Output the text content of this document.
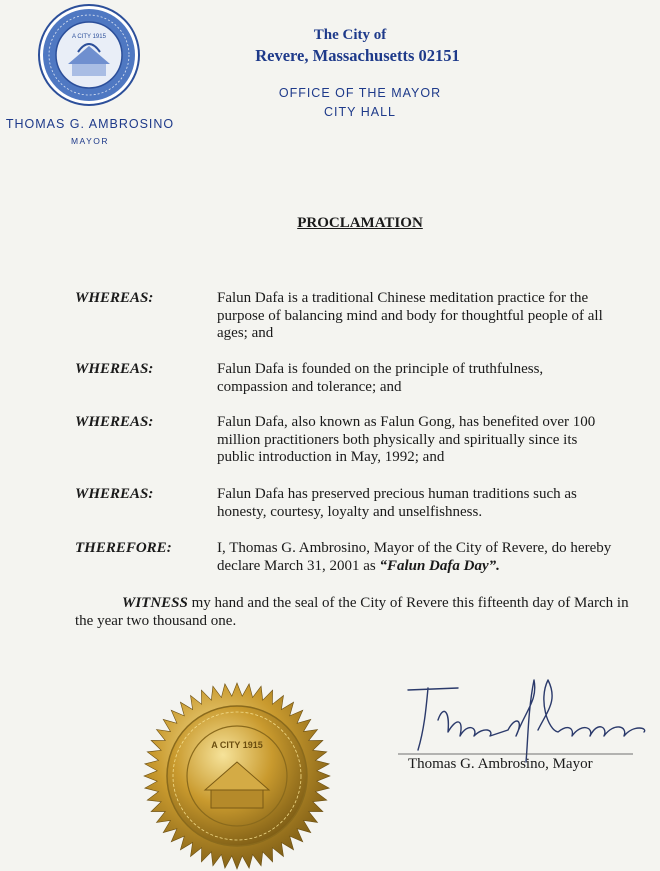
A CITY 1915
THOMAS G. AMBROSINO
MAYOR
The City of
Revere, Massachusetts 02151
OFFICE OF THE MAYOR
CITY HALL
PROCLAMATION
WHEREAS:	Falun Dafa is a traditional Chinese meditation practice for the purpose of balancing mind and body for thoughtful people of all ages; and
WHEREAS:	Falun Dafa is founded on the principle of truthfulness, compassion and tolerance; and
WHEREAS:	Falun Dafa, also known as Falun Gong, has benefited over 100 million practitioners both physically and spiritually since its public introduction in May, 1992; and
WHEREAS:	Falun Dafa has preserved precious human traditions such as honesty, courtesy, loyalty and unselfishness.
THEREFORE:	I, Thomas G. Ambrosino, Mayor of the City of Revere, do hereby declare March 31, 2001 as “Falun Dafa Day”.
WITNESS my hand and the seal of the City of Revere this fifteenth day of March in the year two thousand one.
A CITY 1915
Thomas G. Ambrosino, Mayor
